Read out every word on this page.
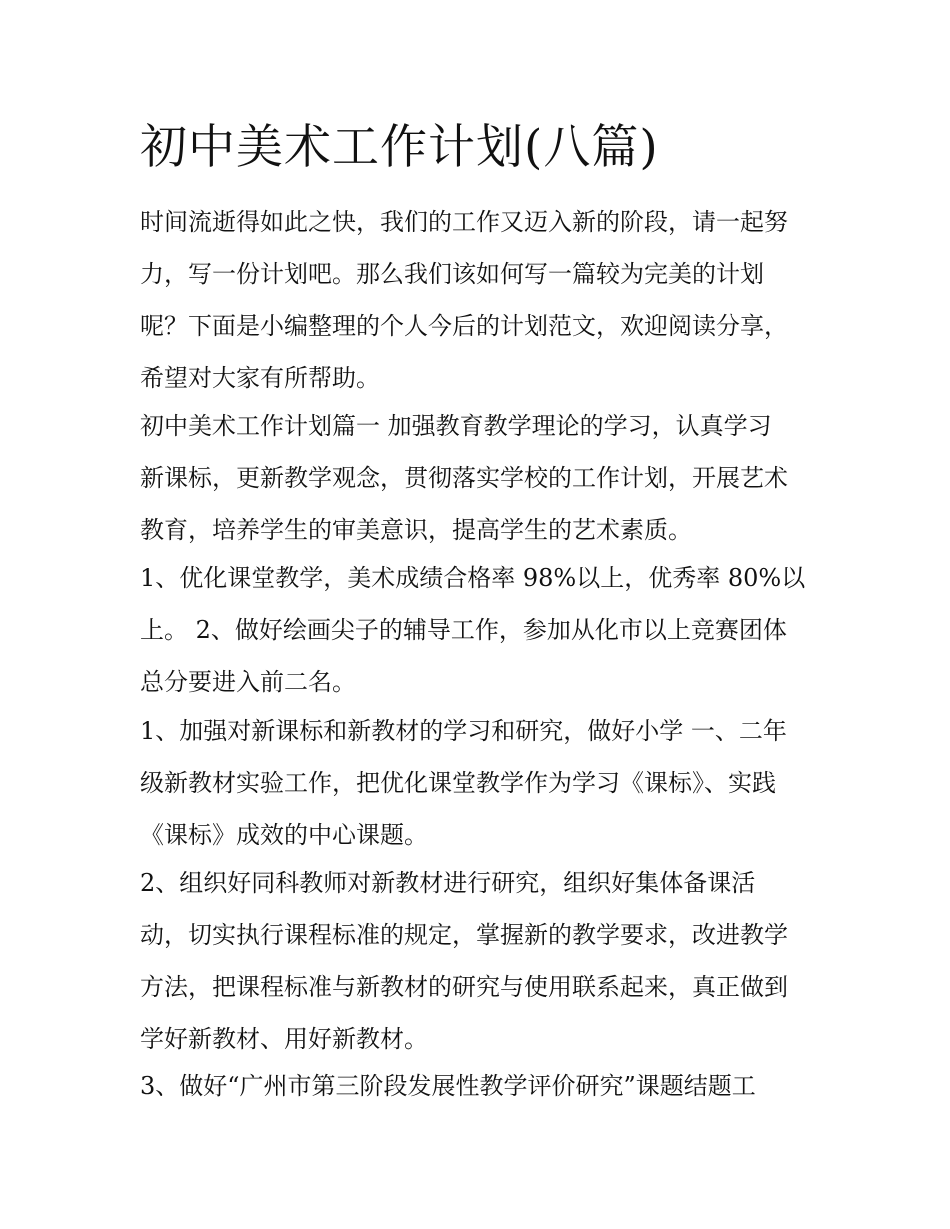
初中美术工作计划(八篇)

时间流逝得如此之快，我们的工作又迈入新的阶段，请一起努
力，写一份计划吧。那么我们该如何写一篇较为完美的计划
呢？下面是小编整理的个人今后的计划范文，欢迎阅读分享，
希望对大家有所帮助。

初中美术工作计划篇一 加强教育教学理论的学习，认真学习
新课标，更新教学观念，贯彻落实学校的工作计划，开展艺术
教育，培养学生的审美意识，提高学生的艺术素质。

1、优化课堂教学，美术成绩合格率 98%以上，优秀率 80%以
上。 2、做好绘画尖子的辅导工作，参加从化市以上竞赛团体
总分要进入前二名。

1、加强对新课标和新教材的学习和研究，做好小学 一、二年
级新教材实验工作，把优化课堂教学作为学习《课标》、实践
《课标》成效的中心课题。

2、组织好同科教师对新教材进行研究，组织好集体备课活
动，切实执行课程标准的规定，掌握新的教学要求，改进教学
方法，把课程标准与新教材的研究与使用联系起来，真正做到
学好新教材、用好新教材。

3、做好“广州市第三阶段发展性教学评价研究”课题结题工
